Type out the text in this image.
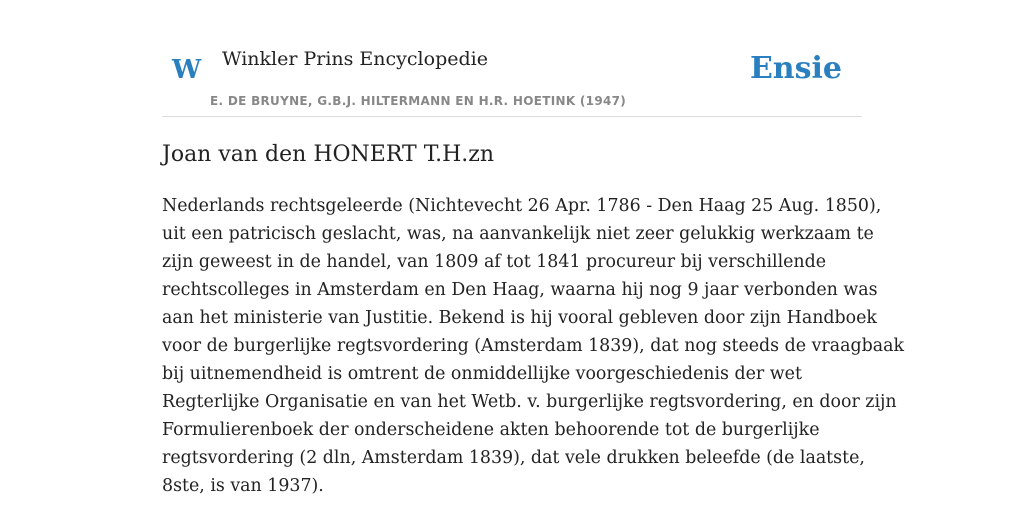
W Winkler Prins Encyclopedie
E. DE BRUYNE, G.B.J. HILTERMANN EN H.R. HOETINK (1947)
Ensie
Joan van den HONERT T.H.zn
Nederlands rechtsgeleerde (Nichtevecht 26 Apr. 1786 - Den Haag 25 Aug. 1850),
uit een patricisch geslacht, was, na aanvankelijk niet zeer gelukkig werkzaam te
zijn geweest in de handel, van 1809 af tot 1841 procureur bij verschillende
rechtscolleges in Amsterdam en Den Haag, waarna hij nog 9 jaar verbonden was
aan het ministerie van Justitie. Bekend is hij vooral gebleven door zijn Handboek
voor de burgerlijke regtsvordering (Amsterdam 1839), dat nog steeds de vraagbaak
bij uitnemendheid is omtrent de onmiddellijke voorgeschiedenis der wet
Regterlijke Organisatie en van het Wetb. v. burgerlijke regtsvordering, en door zijn
Formulierenboek der onderscheidene akten behoorende tot de burgerlijke
regtsvordering (2 dln, Amsterdam 1839), dat vele drukken beleefde (de laatste,
8ste, is van 1937).
